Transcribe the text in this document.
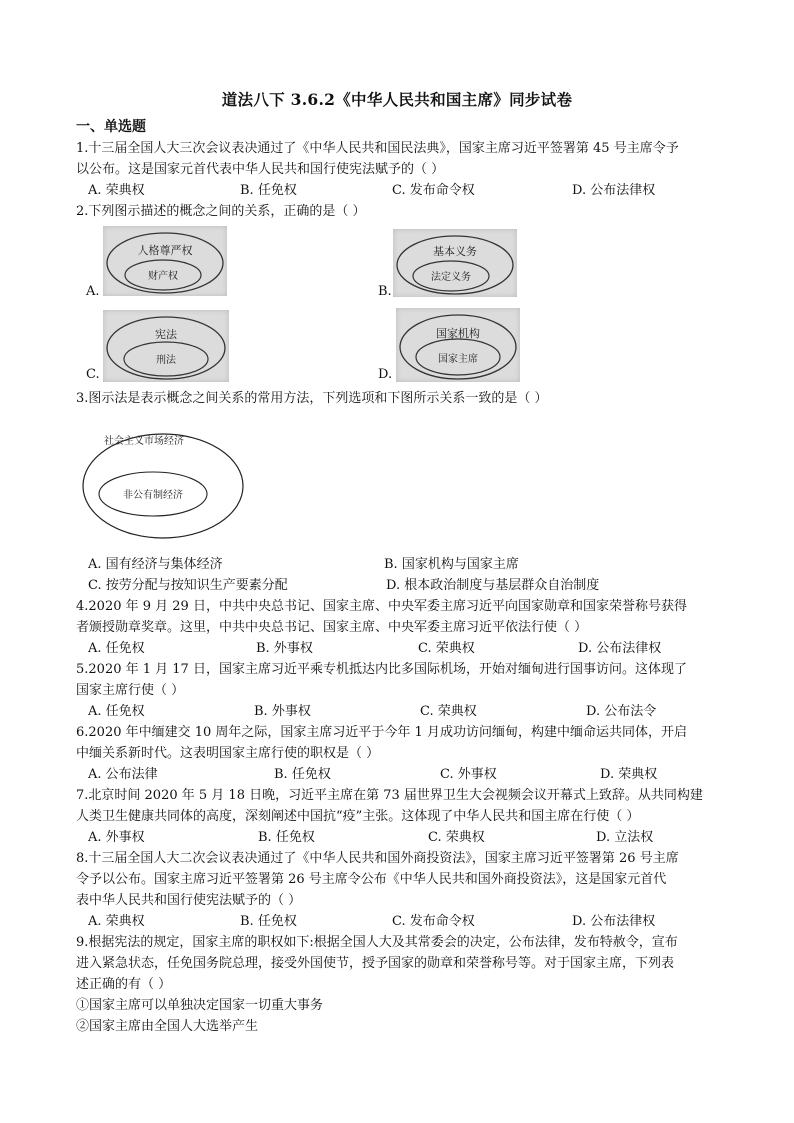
道法八下 3.6.2《中华人民共和国主席》同步试卷
一、单选题
1.十三届全国人大三次会议表决通过了《中华人民共和国民法典》，国家主席习近平签署第 45 号主席令予
以公布。这是国家元首代表中华人民共和国行使宪法赋予的（ ）
A. 荣典权	B. 任免权	C. 发布命令权	D. 公布法律权
2.下列图示描述的概念之间的关系，正确的是（ ）
A.
人格尊严权
财产权
B.
基本义务
法定义务
C.
宪法
刑法
D.
国家机构
国家主席
3.图示法是表示概念之间关系的常用方法，下列选项和下图所示关系一致的是（ ）
社会主义市场经济
非公有制经济
A. 国有经济与集体经济	B. 国家机构与国家主席
C. 按劳分配与按知识生产要素分配	D. 根本政治制度与基层群众自治制度
4.2020 年 9 月 29 日，中共中央总书记、国家主席、中央军委主席习近平向国家勋章和国家荣誉称号获得
者颁授勋章奖章。这里，中共中央总书记、国家主席、中央军委主席习近平依法行使（ ）
A. 任免权	B. 外事权	C. 荣典权	D. 公布法律权
5.2020 年 1 月 17 日，国家主席习近平乘专机抵达内比多国际机场，开始对缅甸进行国事访问。这体现了
国家主席行使（ ）
A. 任免权	B. 外事权	C. 荣典权	D. 公布法令
6.2020 年中缅建交 10 周年之际，国家主席习近平于今年 1 月成功访问缅甸，构建中缅命运共同体，开启
中缅关系新时代。这表明国家主席行使的职权是（ ）
A. 公布法律	B. 任免权	C. 外事权	D. 荣典权
7.北京时间 2020 年 5 月 18 日晚，习近平主席在第 73 届世界卫生大会视频会议开幕式上致辞。从共同构建
人类卫生健康共同体的高度，深刻阐述中国抗“疫”主张。这体现了中华人民共和国主席在行使（ ）
A. 外事权	B. 任免权	C. 荣典权	D. 立法权
8.十三届全国人大二次会议表决通过了《中华人民共和国外商投资法》，国家主席习近平签署第 26 号主席
令予以公布。国家主席习近平签署第 26 号主席令公布《中华人民共和国外商投资法》，这是国家元首代
表中华人民共和国行使宪法赋予的（ ）
A. 荣典权	B. 任免权	C. 发布命令权	D. 公布法律权
9.根据宪法的规定，国家主席的职权如下:根据全国人大及其常委会的决定，公布法律，发布特赦令，宣布
进入紧急状态，任免国务院总理，接受外国使节，授予国家的勋章和荣誉称号等。对于国家主席，下列表
述正确的有（ ）
①国家主席可以单独决定国家一切重大事务
②国家主席由全国人大选举产生
